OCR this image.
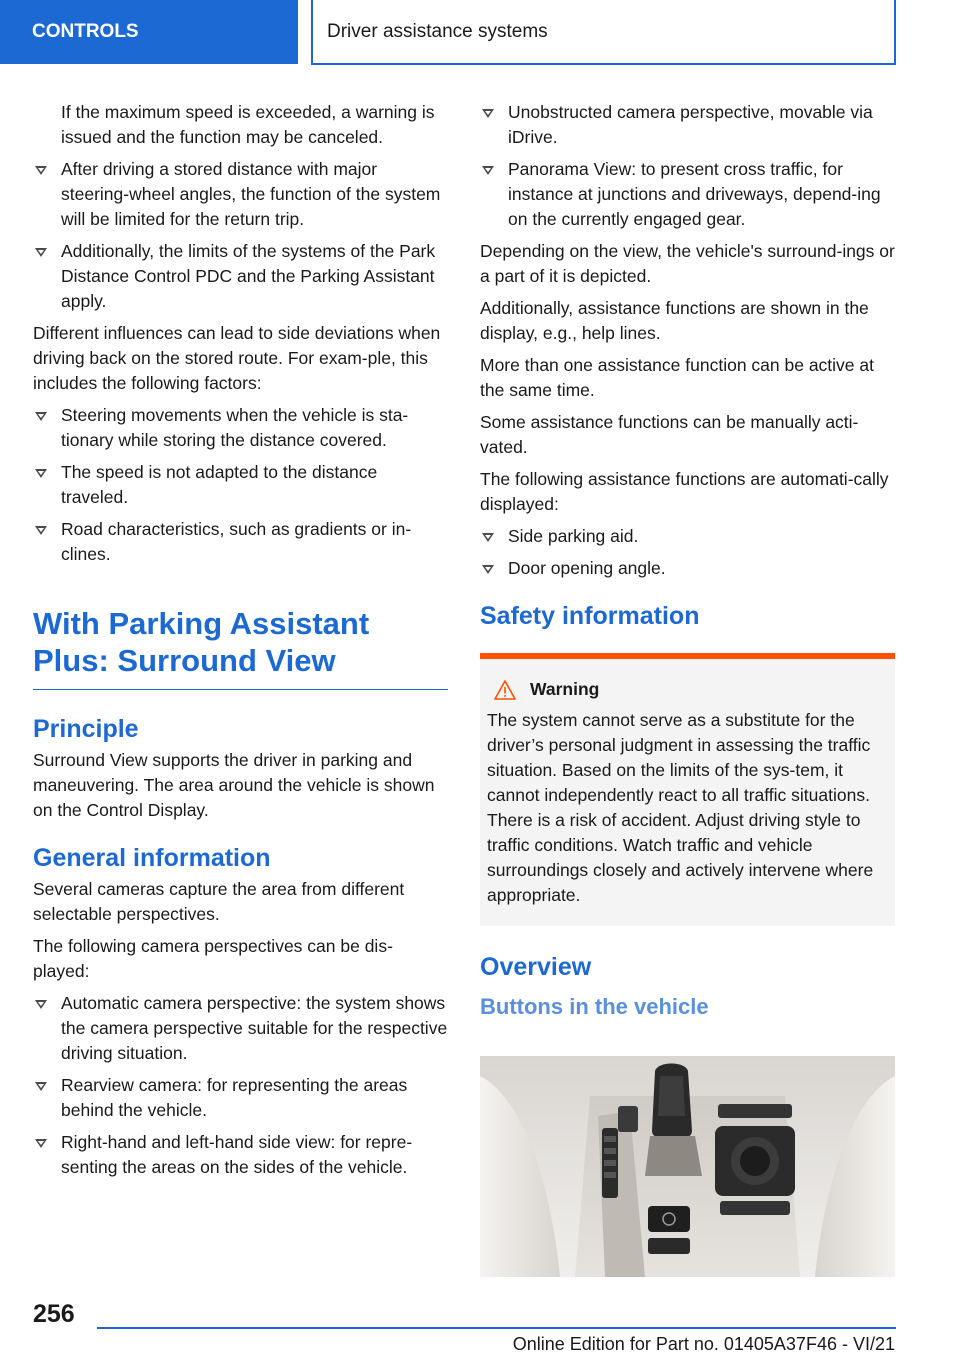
CONTROLS	Driver assistance systems

If the maximum speed is exceeded, a warning is issued and the function may be canceled.

After driving a stored distance with major steering-wheel angles, the function of the system will be limited for the return trip.
Additionally, the limits of the systems of the Park Distance Control PDC and the Parking Assistant apply.

Different influences can lead to side deviations when driving back on the stored route. For exam‐ple, this includes the following factors:

Steering movements when the vehicle is sta‐tionary while storing the distance covered.
The speed is not adapted to the distance traveled.
Road characteristics, such as gradients or in‐clines.
With Parking Assistant Plus: Surround View
Principle

Surround View supports the driver in parking and maneuvering. The area around the vehicle is shown on the Control Display.

General information

Several cameras capture the area from different selectable perspectives.

The following camera perspectives can be dis‐played:

Automatic camera perspective: the system shows the camera perspective suitable for the respective driving situation.
Rearview camera: for representing the areas behind the vehicle.
Right-hand and left-hand side view: for repre‐senting the areas on the sides of the vehicle.
Unobstructed camera perspective, movable via iDrive.
Panorama View: to present cross traffic, for instance at junctions and driveways, depend‐ing on the currently engaged gear.

Depending on the view, the vehicle's surround‐ings or a part of it is depicted.

Additionally, assistance functions are shown in the display, e.g., help lines.

More than one assistance function can be active at the same time.

Some assistance functions can be manually acti‐vated.

The following assistance functions are automati‐cally displayed:

Side parking aid.
Door opening angle.
Safety information
Warning
The system cannot serve as a substitute for the driver’s personal judgment in assessing the traffic situation. Based on the limits of the sys‐tem, it cannot independently react to all traffic situations. There is a risk of accident. Adjust driving style to traffic conditions. Watch traffic and vehicle surroundings closely and actively intervene where appropriate.
Overview
Buttons in the vehicle
256
Online Edition for Part no. 01405A37F46 - VI/21
